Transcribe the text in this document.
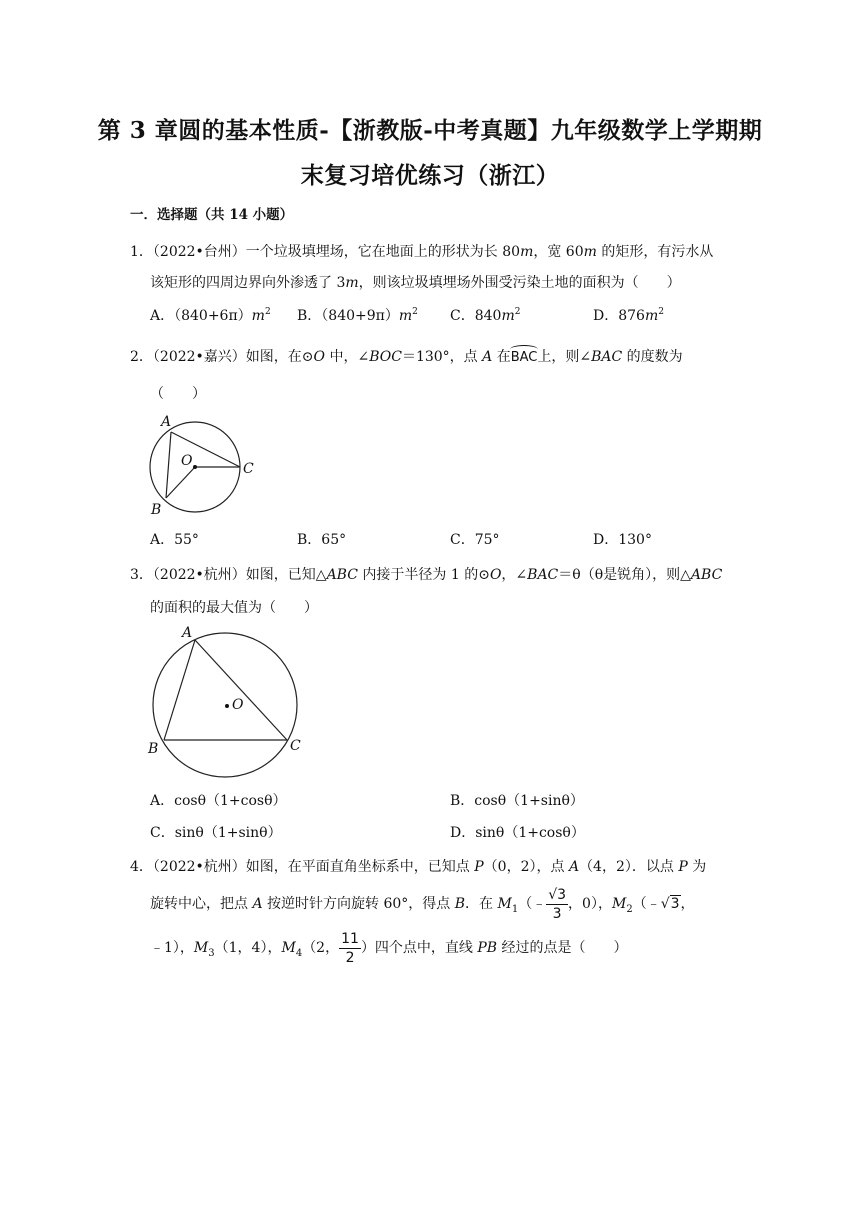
第 3 章圆的基本性质-【浙教版-中考真题】九年级数学上学期期
末复习培优练习（浙江）
一．选择题（共 14 小题）
1．（2022•台州）一个垃圾填埋场，它在地面上的形状为长 80m，宽 60m 的矩形，有污水从
该矩形的四周边界向外渗透了 3m，则该垃圾填埋场外围受污染土地的面积为（　　）
A．$(840+6\pi)m^2$ B．$(840+9\pi)m^2$ C．$840m^2$	D．$876m^2$
2．（2022•嘉兴）如图，在⊙O 中，∠BOC＝130°，点 A 在BAC上，则∠BAC 的度数为
（　　）
A
O	C
B
A．55°	B．65°	C．75°	D．130°
3．（2022•杭州）如图，已知△ABC 内接于半径为 1 的⊙O，∠BAC＝θ（θ是锐角），则△ABC
的面积的最大值为（　　）
A
O
B	C
A．cosθ（1+cosθ）	B．cosθ（1+sinθ）
C．sinθ（1+sinθ）	D．sinθ（1+cosθ）
4．（2022•杭州）如图，在平面直角坐标系中，已知点 P（0，2），点 A（4，2）．以点 P 为
旋转中心，把点 A 按逆时针方向旋转 60°，得点 B．在 $M_1(﹣ \frac{√3}{3}$ ，0），$M_2(﹣√3$，
﹣1），$M_3(1$，4），$M_4(2$， $\frac{11}{2}$ ）四个点中，直线 PB 经过的点是（　　）
